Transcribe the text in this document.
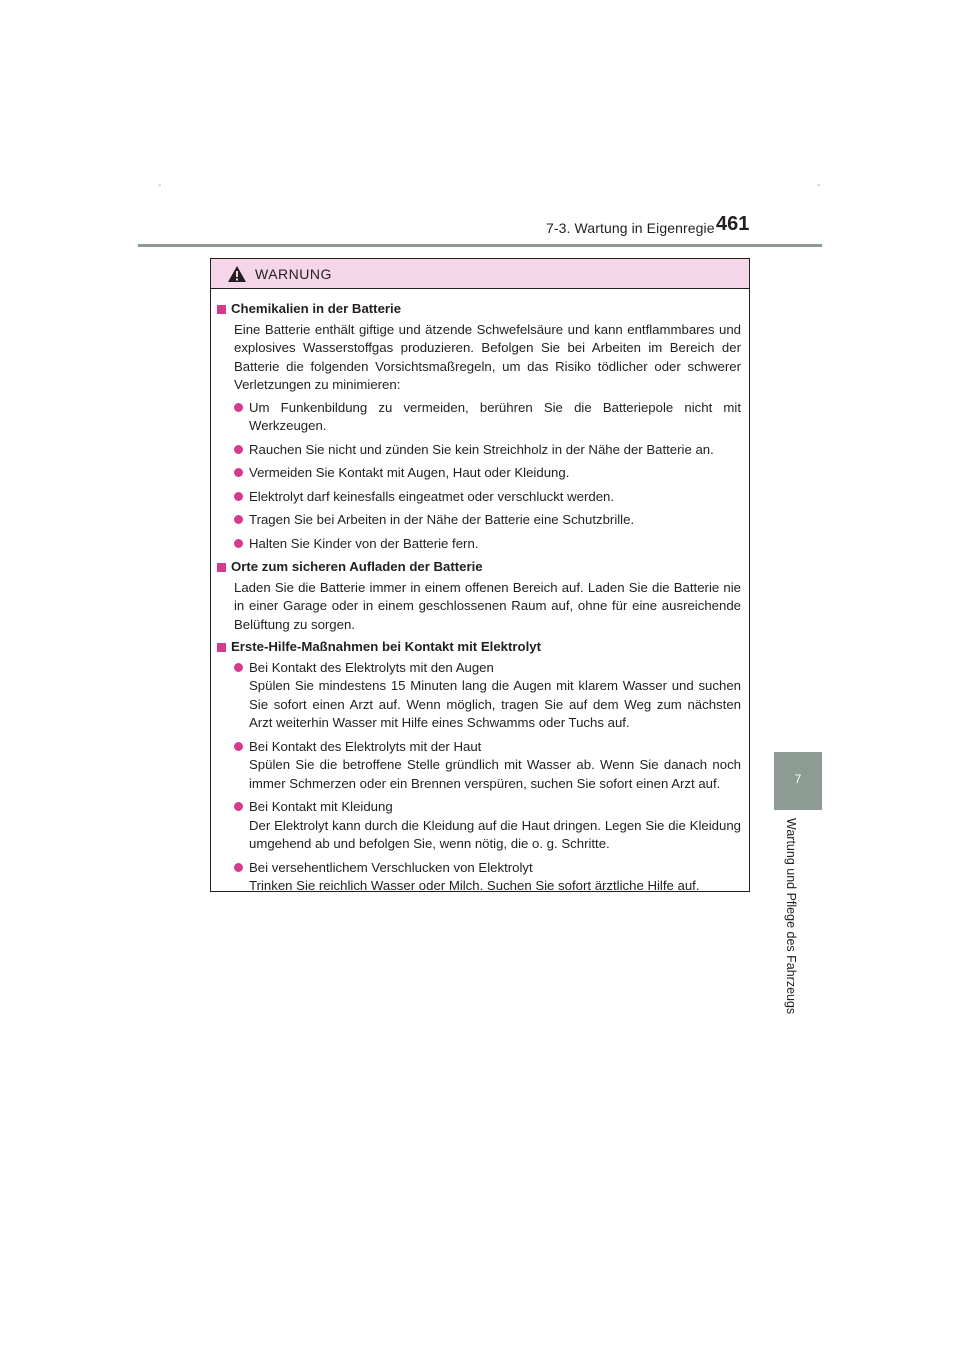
-	-
7-3. Wartung in Eigenregie 461
7
Wartung und Pflege des Fahrzeugs
WARNUNG
Chemikalien in der Batterie
Eine Batterie enthält giftige und ätzende Schwefelsäure und kann entflammbares und explosives Wasserstoffgas produzieren. Befolgen Sie bei Arbeiten im Bereich der Batterie die folgenden Vorsichtsmaßregeln, um das Risiko tödlicher oder schwerer Verletzungen zu minimieren:
Um Funkenbildung zu vermeiden, berühren Sie die Batteriepole nicht mit Werkzeugen.
Rauchen Sie nicht und zünden Sie kein Streichholz in der Nähe der Batterie an.
Vermeiden Sie Kontakt mit Augen, Haut oder Kleidung.
Elektrolyt darf keinesfalls eingeatmet oder verschluckt werden.
Tragen Sie bei Arbeiten in der Nähe der Batterie eine Schutzbrille.
Halten Sie Kinder von der Batterie fern.
Orte zum sicheren Aufladen der Batterie
Laden Sie die Batterie immer in einem offenen Bereich auf. Laden Sie die Batterie nie in einer Garage oder in einem geschlossenen Raum auf, ohne für eine ausreichende Belüftung zu sorgen.
Erste-Hilfe-Maßnahmen bei Kontakt mit Elektrolyt
Bei Kontakt des Elektrolyts mit den Augen
Spülen Sie mindestens 15 Minuten lang die Augen mit klarem Wasser und suchen Sie sofort einen Arzt auf. Wenn möglich, tragen Sie auf dem Weg zum nächsten Arzt weiterhin Wasser mit Hilfe eines Schwamms oder Tuchs auf.
Bei Kontakt des Elektrolyts mit der Haut
Spülen Sie die betroffene Stelle gründlich mit Wasser ab. Wenn Sie danach noch immer Schmerzen oder ein Brennen verspüren, suchen Sie sofort einen Arzt auf.
Bei Kontakt mit Kleidung
Der Elektrolyt kann durch die Kleidung auf die Haut dringen. Legen Sie die Kleidung umgehend ab und befolgen Sie, wenn nötig, die o. g. Schritte.
Bei versehentlichem Verschlucken von Elektrolyt
Trinken Sie reichlich Wasser oder Milch. Suchen Sie sofort ärztliche Hilfe auf.
